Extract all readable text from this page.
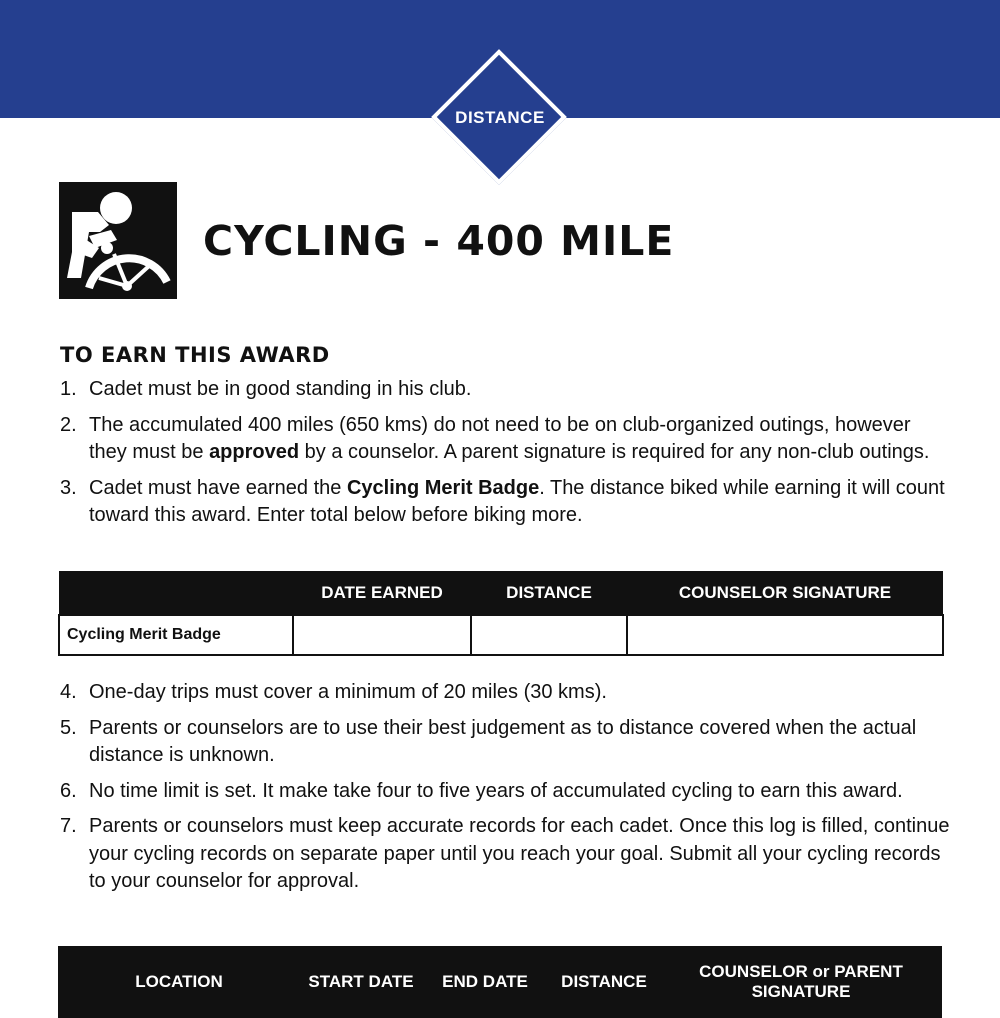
DISTANCE
CYCLING - 400 MILE
TO EARN THIS AWARD
1. Cadet must be in good standing in his club.
2. The accumulated 400 miles (650 kms) do not need to be on club-organized outings, however they must be approved by a counselor. A parent signature is required for any non-club outings.
3. Cadet must have earned the Cycling Merit Badge. The distance biked while earning it will count toward this award. Enter total below before biking more.
	DATE EARNED	DISTANCE	COUNSELOR SIGNATURE
Cycling Merit Badge			
4. One-day trips must cover a minimum of 20 miles (30 kms).
5. Parents or counselors are to use their best judgement as to distance covered when the actual distance is unknown.
6. No time limit is set. It make take four to five years of accumulated cycling to earn this award.
7. Parents or counselors must keep accurate records for each cadet. Once this log is filled, continue your cycling records on separate paper until you reach your goal. Submit all your cycling records to your counselor for approval.
LOCATION	START DATE	END DATE	DISTANCE	COUNSELOR or PARENT SIGNATURE
